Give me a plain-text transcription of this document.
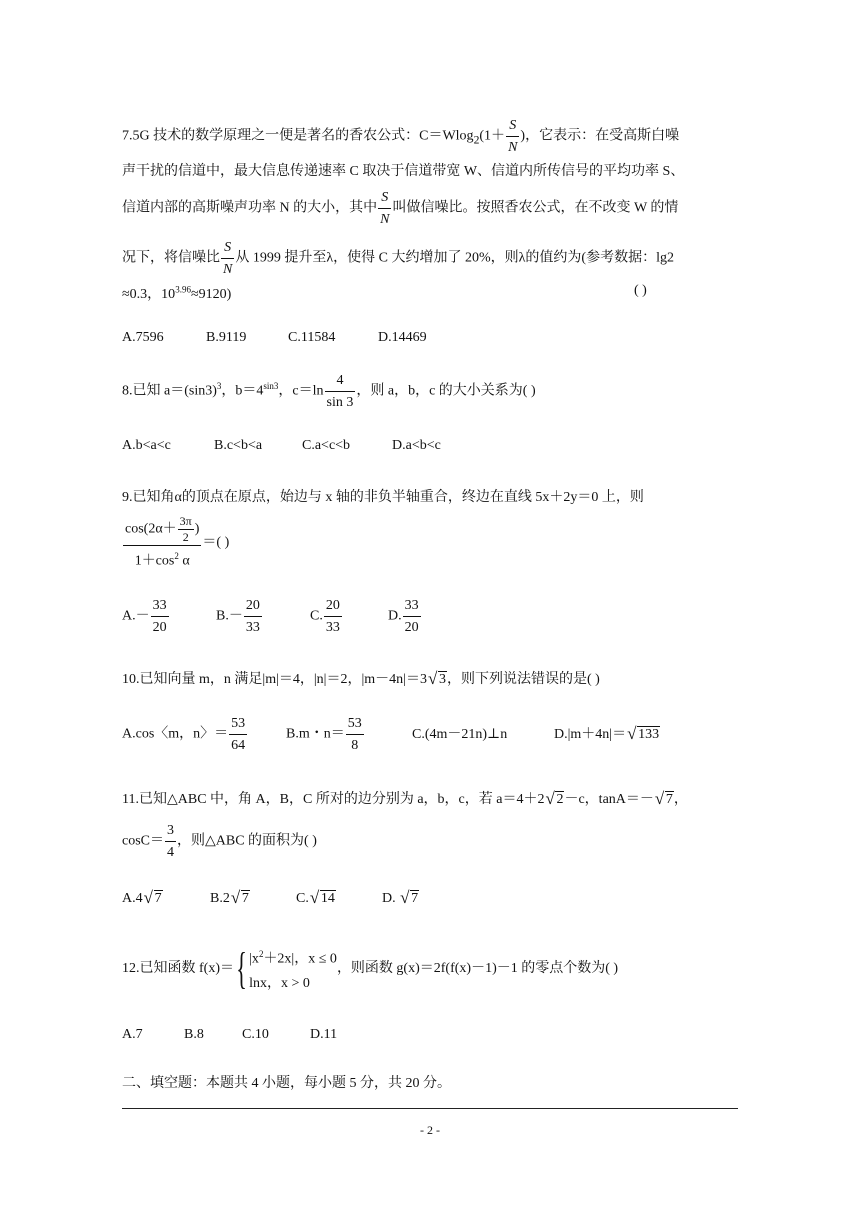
7.5G 技术的数学原理之一便是著名的香农公式：$C=Wlog_2(1+ \frac{S}{N}$ )，它表示：在受高斯白噪
声干扰的信道中，最大信息传递速率 C 取决于信道带宽 W、信道内所传信号的平均功率 S、
信道内部的高斯噪声功率 N 的大小，其中 $\frac{S}{N}$ 叫做信噪比。按照香农公式，在不改变 W 的情
况下，将信噪比 $\frac{S}{N}$ 从 1999 提升至λ，使得 C 大约增加了 20%，则λ的值约为(参考数据：lg2
≈0.3，$10^{3.96}\approx 9120$)	( )
A.7596	B.9119	C.11584	D.14469
8.已知 $a=(\sin 3)^3$，$b=4^{sin3}$，$c=\ln \frac{4}{\sin 3}$ ，则 a，b，c 的大小关系为( )
A.b<a<c	B.c<b<a	C.a<c<b	D.a<b<c
9.已知角α的顶点在原点，始边与 x 轴的非负半轴重合，终边在直线 5x＋2y＝0 上，则
$\frac{\cos(2\alpha+ \frac{3\pi}{2} )}{1+\cos^2 \alpha}$ ＝( )
$A.- \frac{33}{20}$	$B.- \frac{20}{33}$	C. $\frac{20}{33}$	D. $\frac{33}{20}$
10.已知向量 m，n 满足|m|＝4，|n|＝2，|m－4n|＝3 √ 3，则下列说法错误的是( )
A.cos〈m，n〉＝ $\frac{53}{64}$	B.m・$n= \frac{53}{8}$	C.(4m－21n)⊥n	D.|m＋4n|＝ √ 133
11.已知△ABC 中，角 A，B，C 所对的边分别为 a，b，c，若 a＝4＋2 √ 2－c，tanA＝－ √ 7，
$\cos C= \frac{3}{4}$ ，则△ABC 的面积为( )
A.4 √ 7	B.2 √ 7	C. √ 14	D. √ 7
12.已知函数 f(x)＝{ $|x^2+2x|$，x ≤ 0
lnx，x > 0
，则函数 g(x)＝2f(f(x)－1)－1 的零点个数为( )
A.7	B.8	C.10	D.11
二、填空题：本题共 4 小题，每小题 5 分，共 20 分。
- 2 -
